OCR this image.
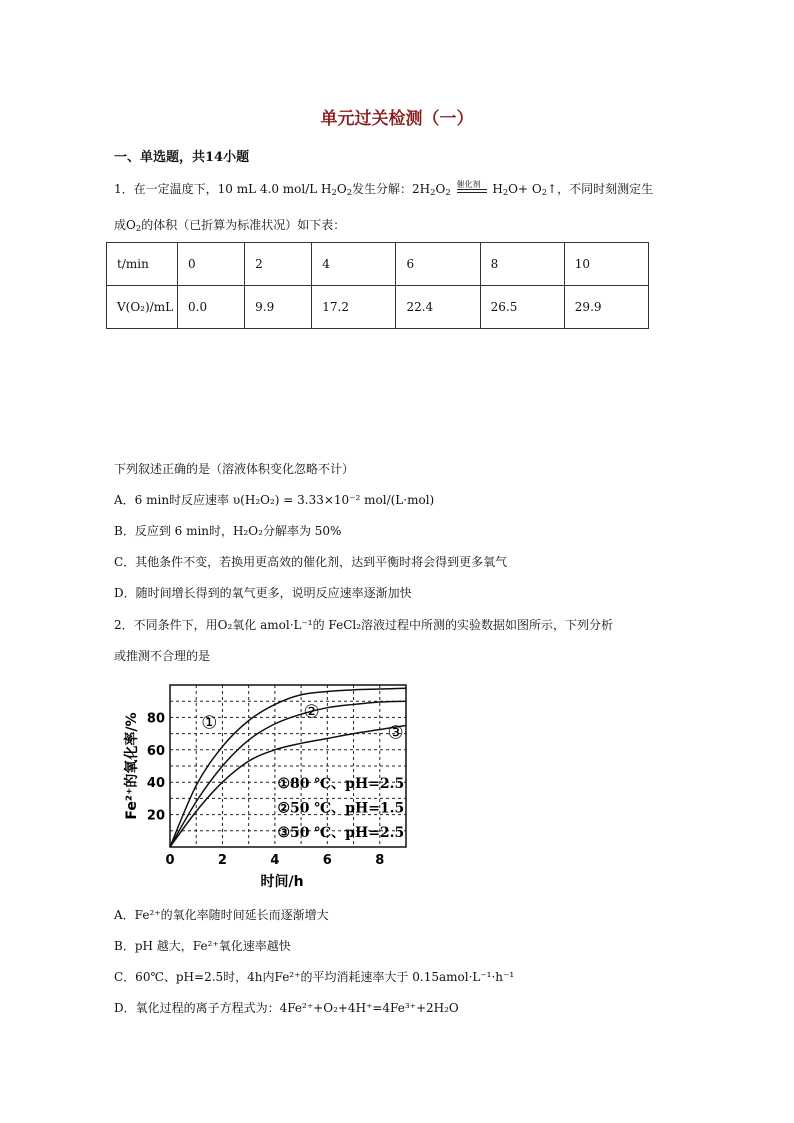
单元过关检测（一）
一、单选题，共14小题
1．在一定温度下，10 mL 4.0 mol/L $H_2O_2$发生分解：$2H_2O_2$
催化剂 $H_2O+$ $O_2↑$，不同时刻测定生
成$O_2$的体积（已折算为标准状况）如下表：
t/min	0	2	4	6	8	10
V(O₂)/mL	0.0	9.9	17.2	22.4	26.5	29.9
下列叙述正确的是（溶液体积变化忽略不计）
A．6 min时反应速率 υ(H₂O₂) = 3.33×10⁻² mol/(L·mol)
B．反应到 6 min时，H₂O₂分解率为 50%
C．其他条件不变，若换用更高效的催化剂，达到平衡时将会得到更多氧气
D．随时间增长得到的氧气更多，说明反应速率逐渐加快
2．不同条件下，用O₂氧化 amol·L⁻¹的 FeCl₂溶液过程中所测的实验数据如图所示，下列分析
或推测不合理的是
0	2	4	6	8
20
40
60
80
时间/h
Fe²⁺的氧化率/%	①
②
③
①80 ℃、pH=2.5
②50 ℃、pH=1.5
③50 ℃、pH=2.5
A．Fe²⁺的氧化率随时间延长而逐渐增大
B．pH 越大，Fe²⁺氧化速率越快
C．60℃、pH=2.5时，4h内Fe²⁺的平均消耗速率大于 0.15amol·L⁻¹·h⁻¹
D．氧化过程的离子方程式为：4Fe²⁺+O₂+4H⁺=4Fe³⁺+2H₂O
